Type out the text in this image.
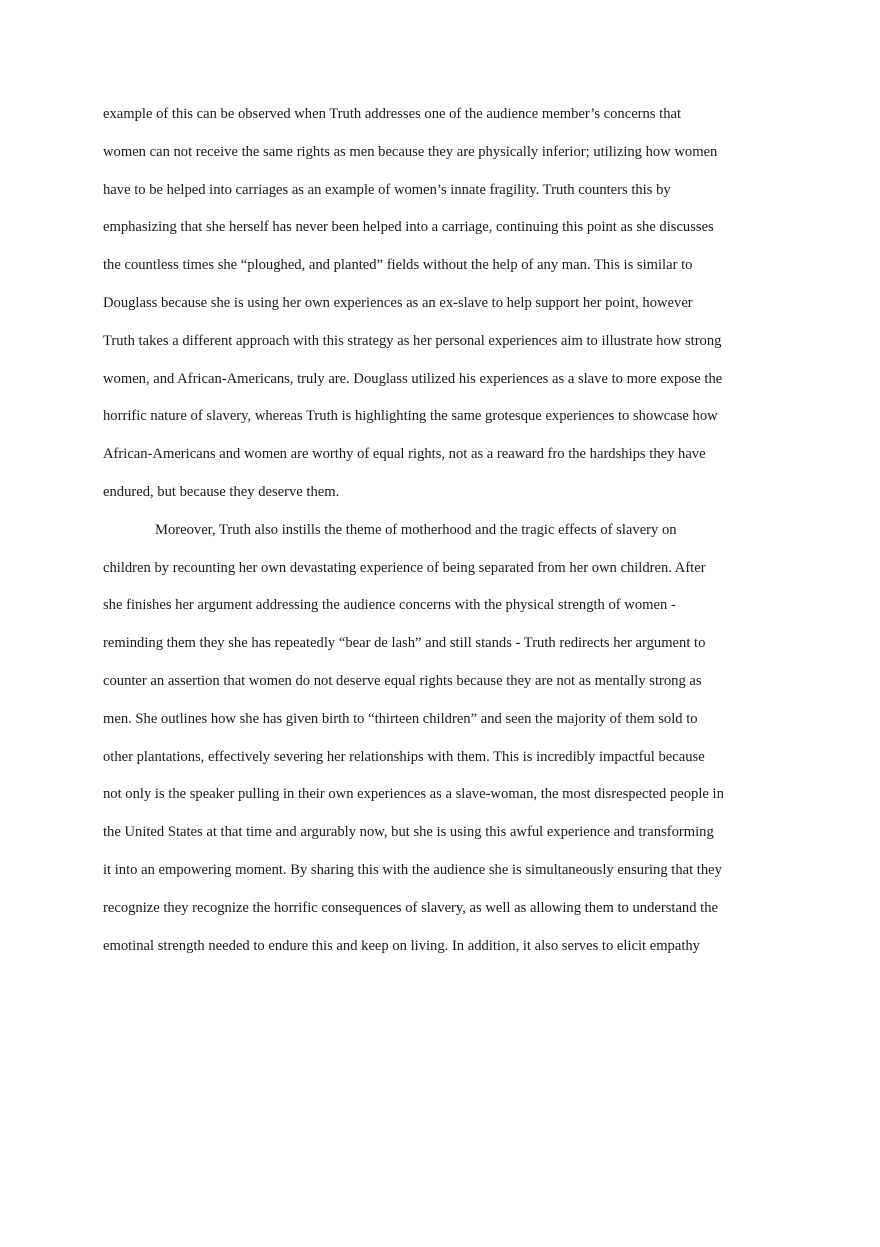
example of this can be observed when Truth addresses one of the audience member’s concerns that
women can not receive the same rights as men because they are physically inferior; utilizing how women
have to be helped into carriages as an example of women’s innate fragility. Truth counters this by
emphasizing that she herself has never been helped into a carriage, continuing this point as she discusses
the countless times she “ploughed, and planted” fields without the help of any man. This is similar to
Douglass because she is using her own experiences as an ex-slave to help support her point, however
Truth takes a different approach with this strategy as her personal experiences aim to illustrate how strong
women, and African-Americans, truly are. Douglass utilized his experiences as a slave to more expose the
horrific nature of slavery, whereas Truth is highlighting the same grotesque experiences to showcase how
African-Americans and women are worthy of equal rights, not as a reaward fro the hardships they have
endured, but because they deserve them.
Moreover, Truth also instills the theme of motherhood and the tragic effects of slavery on
children by recounting her own devastating experience of being separated from her own children. After
she finishes her argument addressing the audience concerns with the physical strength of women -
reminding them they she has repeatedly “bear de lash” and still stands - Truth redirects her argument to
counter an assertion that women do not deserve equal rights because they are not as mentally strong as
men. She outlines how she has given birth to “thirteen children” and seen the majority of them sold to
other plantations, effectively severing her relationships with them. This is incredibly impactful because
not only is the speaker pulling in their own experiences as a slave-woman, the most disrespected people in
the United States at that time and argurably now, but she is using this awful experience and transforming
it into an empowering moment. By sharing this with the audience she is simultaneously ensuring that they
recognize they recognize the horrific consequences of slavery, as well as allowing them to understand the
emotinal strength needed to endure this and keep on living. In addition, it also serves to elicit empathy
